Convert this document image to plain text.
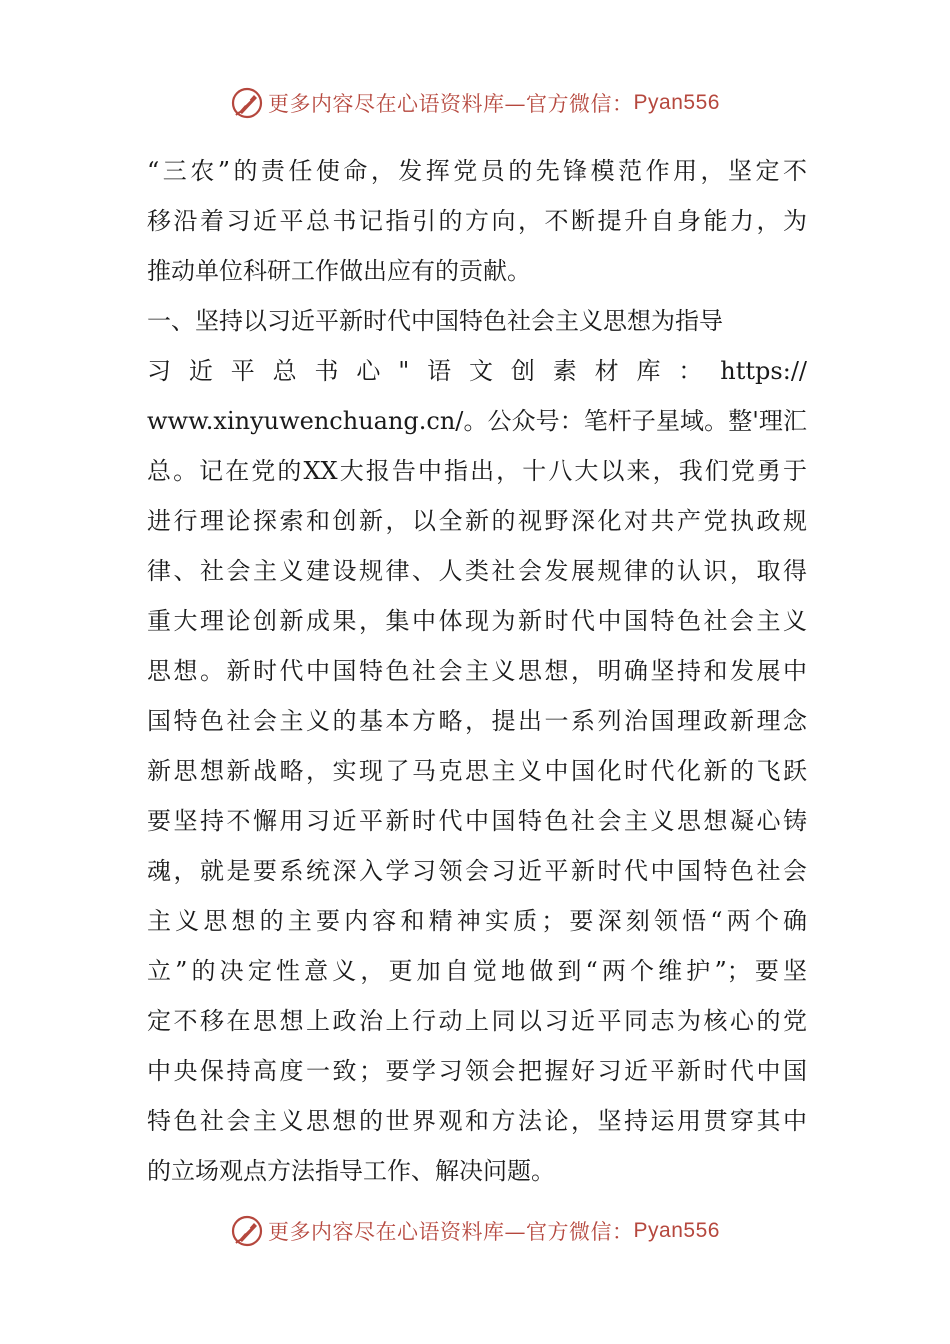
更多内容尽在心语资料库—官方微信： Pyan556
“​三​农​”​的​责​任​使​命​，​发​挥​党​员​的​先​锋​模​范​作​用​，​坚​定​不
移​沿​着​习​近​平​总​书​记​指​引​的​方​向​，​不​断​提​升​自​身​能​力​，​为
推动单位科研工作做出应有的贡献。
一、坚持以习近平新时代中国特色社会主义思想为指导
习​近​平​总​书​心​"​语​文​创​素​材​库​：​h​t​t​p​s​:​/​/
w​w​w​.​x​i​n​y​u​w​e​n​c​h​u​a​n​g​.​c​n​/​。​公​众​号​：​笔​杆​子​星​域​。​整​'​理​汇
总​。​记​在​党​的​X​X​大​报​告​中​指​出​，​十​八​大​以​来​，​我​们​党​勇​于
进​行​理​论​探​索​和​创​新​，​以​全​新​的​视​野​深​化​对​共​产​党​执​政​规
律​、​社​会​主​义​建​设​规​律​、​人​类​社​会​发​展​规​律​的​认​识​，​取​得
重​大​理​论​创​新​成​果​，​集​中​体​现​为​新​时​代​中​国​特​色​社​会​主​义
思​想​。​新​时​代​中​国​特​色​社​会​主​义​思​想​，​明​确​坚​持​和​发​展​中
国​特​色​社​会​主​义​的​基​本​方​略​，​提​出​一​系​列​治​国​理​政​新​理​念
新​思​想​新​战​略​，​实​现​了​马​克​思​主​义​中​国​化​时​代​化​新​的​飞​跃
要​坚​持​不​懈​用​习​近​平​新​时​代​中​国​特​色​社​会​主​义​思​想​凝​心​铸
魂​，​就​是​要​系​统​深​入​学​习​领​会​习​近​平​新​时​代​中​国​特​色​社​会
主​义​思​想​的​主​要​内​容​和​精​神​实​质​；​要​深​刻​领​悟​“​两​个​确
立​”​的​决​定​性​意​义​，​更​加​自​觉​地​做​到​“​两​个​维​护​”​；​要​坚
定​不​移​在​思​想​上​政​治​上​行​动​上​同​以​习​近​平​同​志​为​核​心​的​党
中​央​保​持​高​度​一​致​；​要​学​习​领​会​把​握​好​习​近​平​新​时​代​中​国
特​色​社​会​主​义​思​想​的​世​界​观​和​方​法​论​，​坚​持​运​用​贯​穿​其​中
的立场观点方法指导工作、解决问题。
更多内容尽在心语资料库—官方微信： Pyan556
